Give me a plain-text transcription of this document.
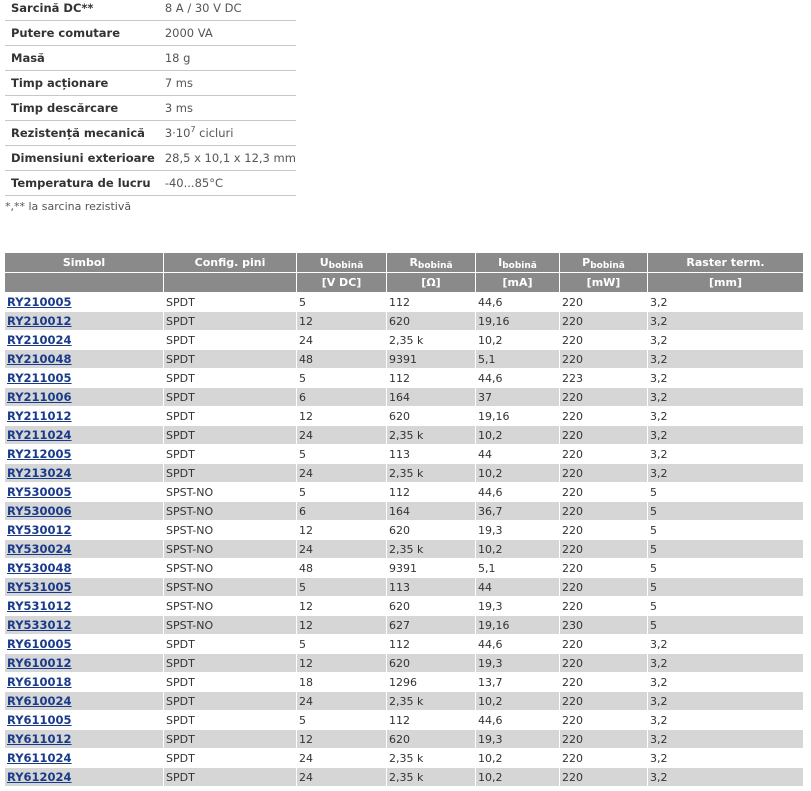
Sarcină DC**	8 A / 30 V DC
Putere comutare	2000 VA
Masă	18 g
Timp acționare	7 ms
Timp descărcare	3 ms
Rezistență mecanică	$3\cdot 10^7$ cicluri
Dimensiuni exterioare	28,5 x 10,1 x 12,3 mm
Temperatura de lucru	-40...85°C
*,** la sarcina rezistivă
Simbol	Config. pini	$U_{bobină}$	$R_{bobină}$	$I_{bobină}$	$P_{bobină}$	Raster term.
		[V DC]	[Ω]	[mA]	[mW]	[mm]
RY210005	SPDT	5	112	44,6	220	3,2
RY210012	SPDT	12	620	19,16	220	3,2
RY210024	SPDT	24	2,35 k	10,2	220	3,2
RY210048	SPDT	48	9391	5,1	220	3,2
RY211005	SPDT	5	112	44,6	223	3,2
RY211006	SPDT	6	164	37	220	3,2
RY211012	SPDT	12	620	19,16	220	3,2
RY211024	SPDT	24	2,35 k	10,2	220	3,2
RY212005	SPDT	5	113	44	220	3,2
RY213024	SPDT	24	2,35 k	10,2	220	3,2
RY530005	SPST-NO	5	112	44,6	220	5
RY530006	SPST-NO	6	164	36,7	220	5
RY530012	SPST-NO	12	620	19,3	220	5
RY530024	SPST-NO	24	2,35 k	10,2	220	5
RY530048	SPST-NO	48	9391	5,1	220	5
RY531005	SPST-NO	5	113	44	220	5
RY531012	SPST-NO	12	620	19,3	220	5
RY533012	SPST-NO	12	627	19,16	230	5
RY610005	SPDT	5	112	44,6	220	3,2
RY610012	SPDT	12	620	19,3	220	3,2
RY610018	SPDT	18	1296	13,7	220	3,2
RY610024	SPDT	24	2,35 k	10,2	220	3,2
RY611005	SPDT	5	112	44,6	220	3,2
RY611012	SPDT	12	620	19,3	220	3,2
RY611024	SPDT	24	2,35 k	10,2	220	3,2
RY612024	SPDT	24	2,35 k	10,2	220	3,2
